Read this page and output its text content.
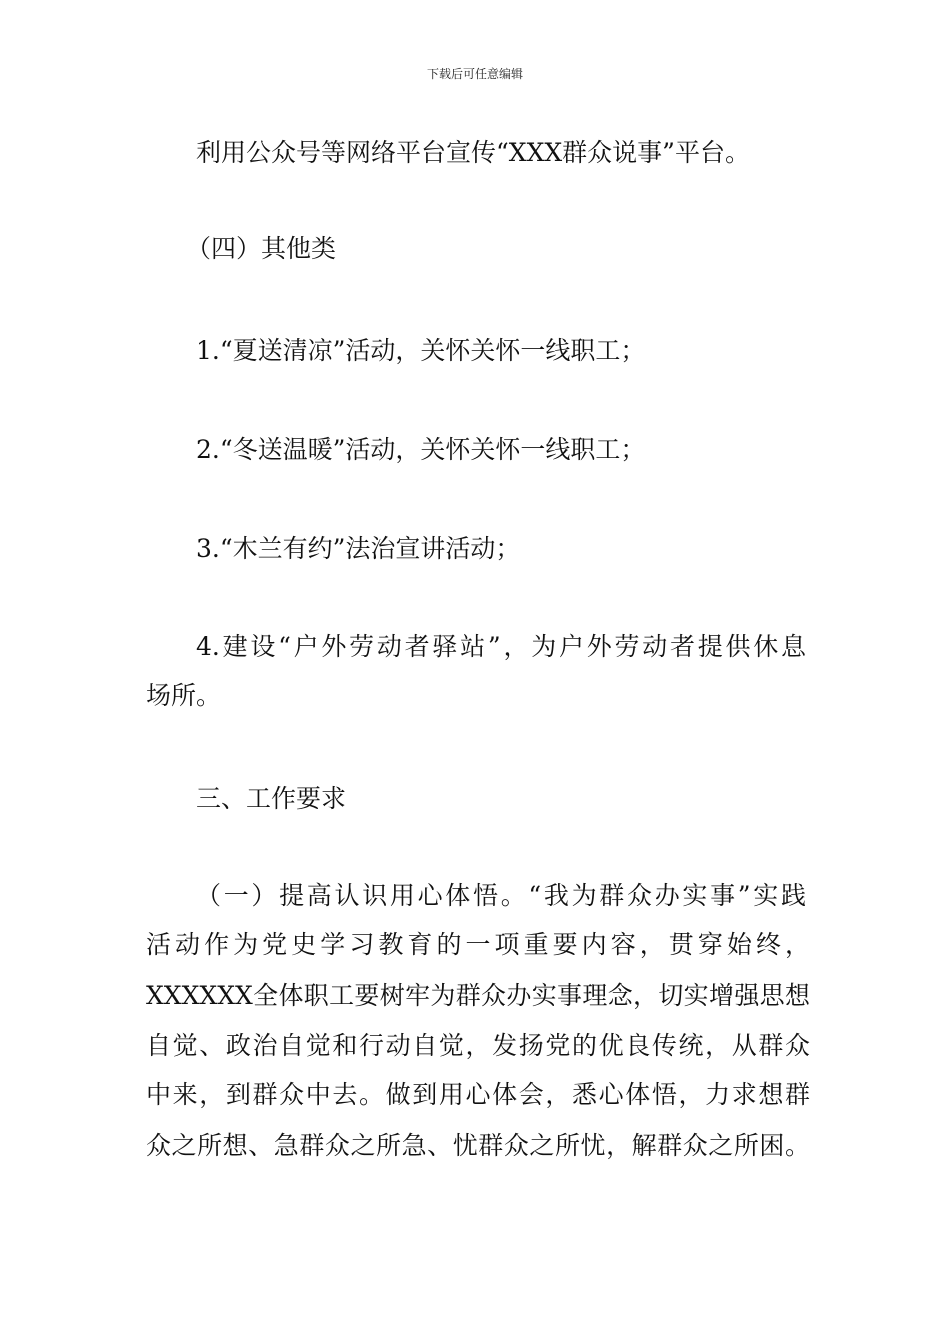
下载后可任意编辑
利用公众号等网络平台宣传“XXX群众说事”平台。
（四）其他类
1.“夏送清凉”活动，关怀关怀一线职工；
2.“冬送温暖”活动，关怀关怀一线职工；
3.“木兰有约”法治宣讲活动；
4.建设“户外劳动者驿站”，为户外劳动者提供休息
场所。
三、工作要求
（一）提高认识用心体悟。“我为群众办实事”实践
活动作为党史学习教育的一项重要内容，贯穿始终，
XXXXXX全体职工要树牢为群众办实事理念，切实增强思想
自觉、政治自觉和行动自觉，发扬党的优良传统，从群众
中来，到群众中去。做到用心体会，悉心体悟，力求想群
众之所想、急群众之所急、忧群众之所忧，解群众之所困。
